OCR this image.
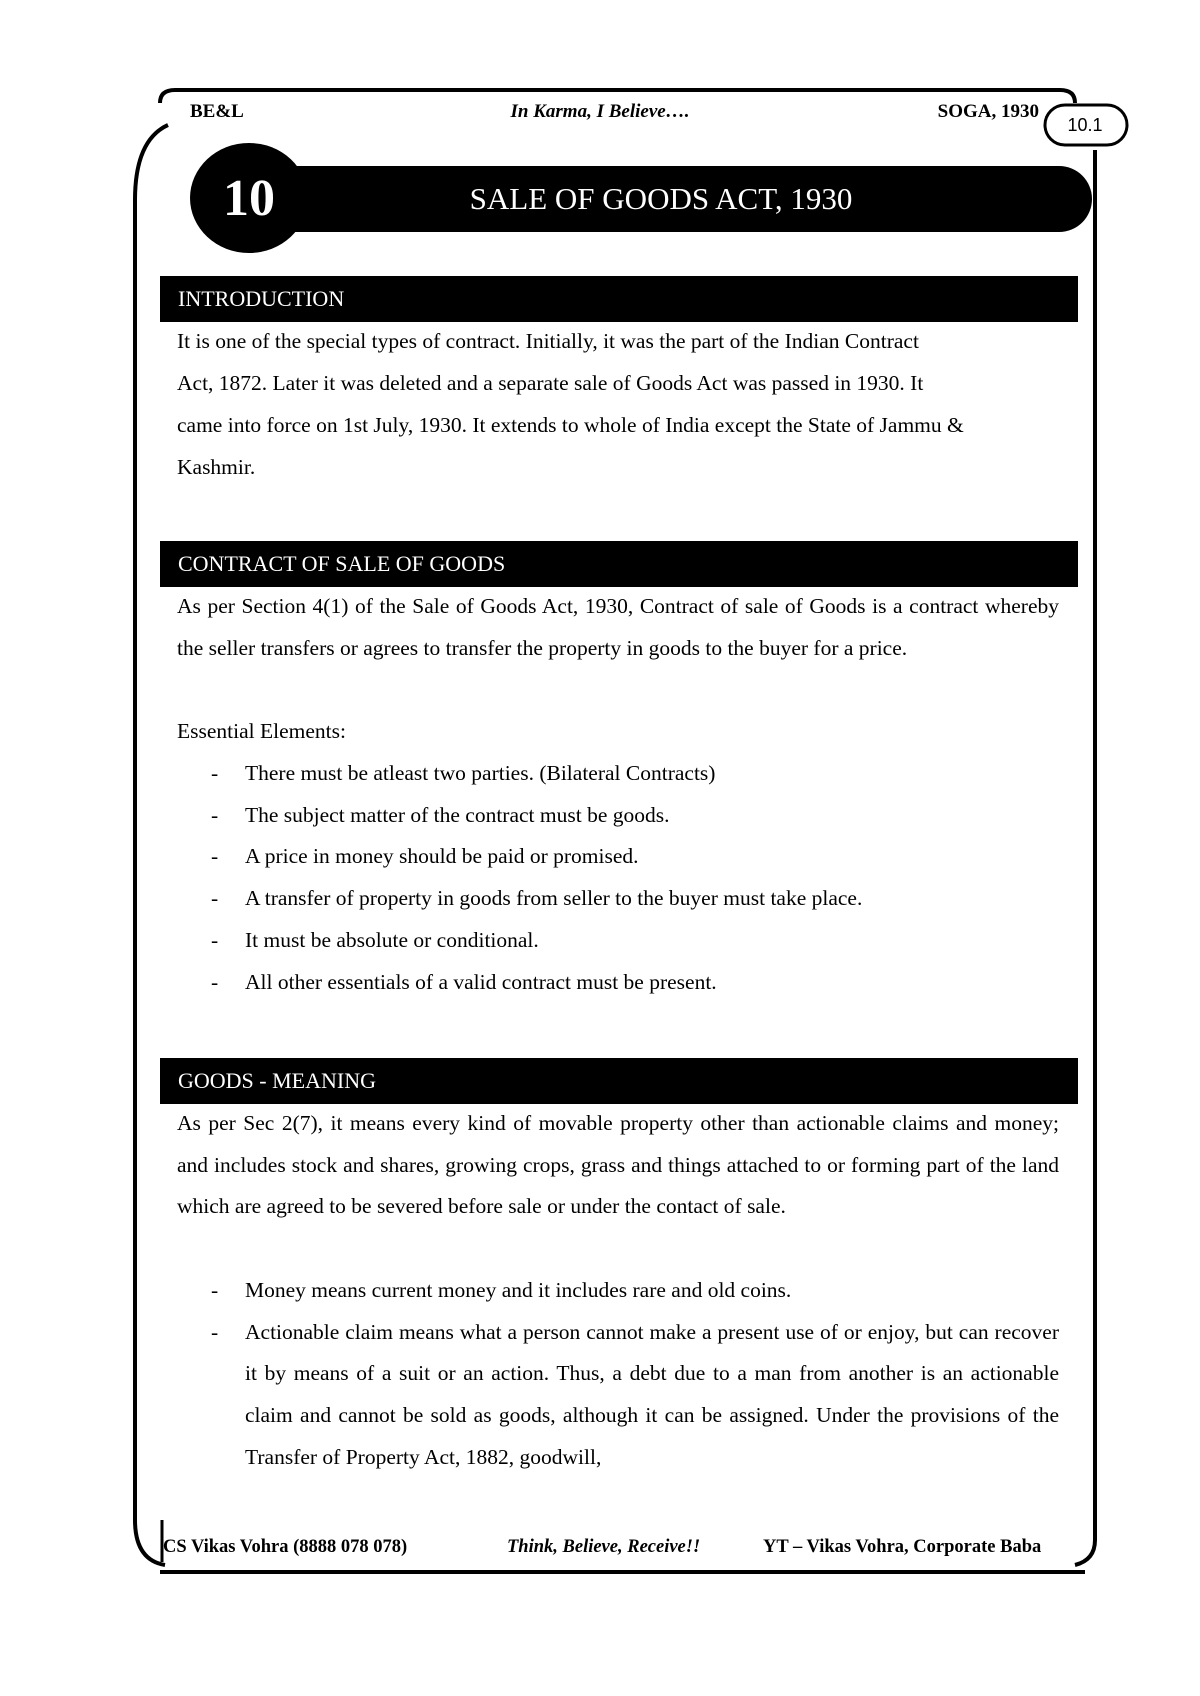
BE&L	In Karma, I Believe….	SOGA, 1930
10.1
SALE OF GOODS ACT, 1930
10
INTRODUCTION
It is one of the special types of contract. Initially, it was the part of the Indian Contract
Act, 1872. Later it was deleted and a separate sale of Goods Act was passed in 1930. It
came into force on 1st July, 1930. It extends to whole of India except the State of Jammu &
Kashmir.
CONTRACT OF SALE OF GOODS

As per Section 4(1) of the Sale of Goods Act, 1930, Contract of sale of Goods is a contract whereby the seller transfers or agrees to transfer the property in goods to the buyer for a price.

Essential Elements:
- There must be atleast two parties. (Bilateral Contracts)
- The subject matter of the contract must be goods.
- A price in money should be paid or promised.
- A transfer of property in goods from seller to the buyer must take place.
- It must be absolute or conditional.
- All other essentials of a valid contract must be present.
GOODS - MEANING

As per Sec 2(7), it means every kind of movable property other than actionable claims and money; and includes stock and shares, growing crops, grass and things attached to or forming part of the land which are agreed to be severed before sale or under the contact of sale.

- Money means current money and it includes rare and old coins.
- Actionable claim means what a person cannot make a present use of or enjoy, but can recover it by means of a suit or an action. Thus, a debt due to a man from another is an actionable claim and cannot be sold as goods, although it can be assigned. Under the provisions of the Transfer of Property Act, 1882, goodwill,
CS Vikas Vohra (8888 078 078)	Think, Believe, Receive!!	YT – Vikas Vohra, Corporate Baba
